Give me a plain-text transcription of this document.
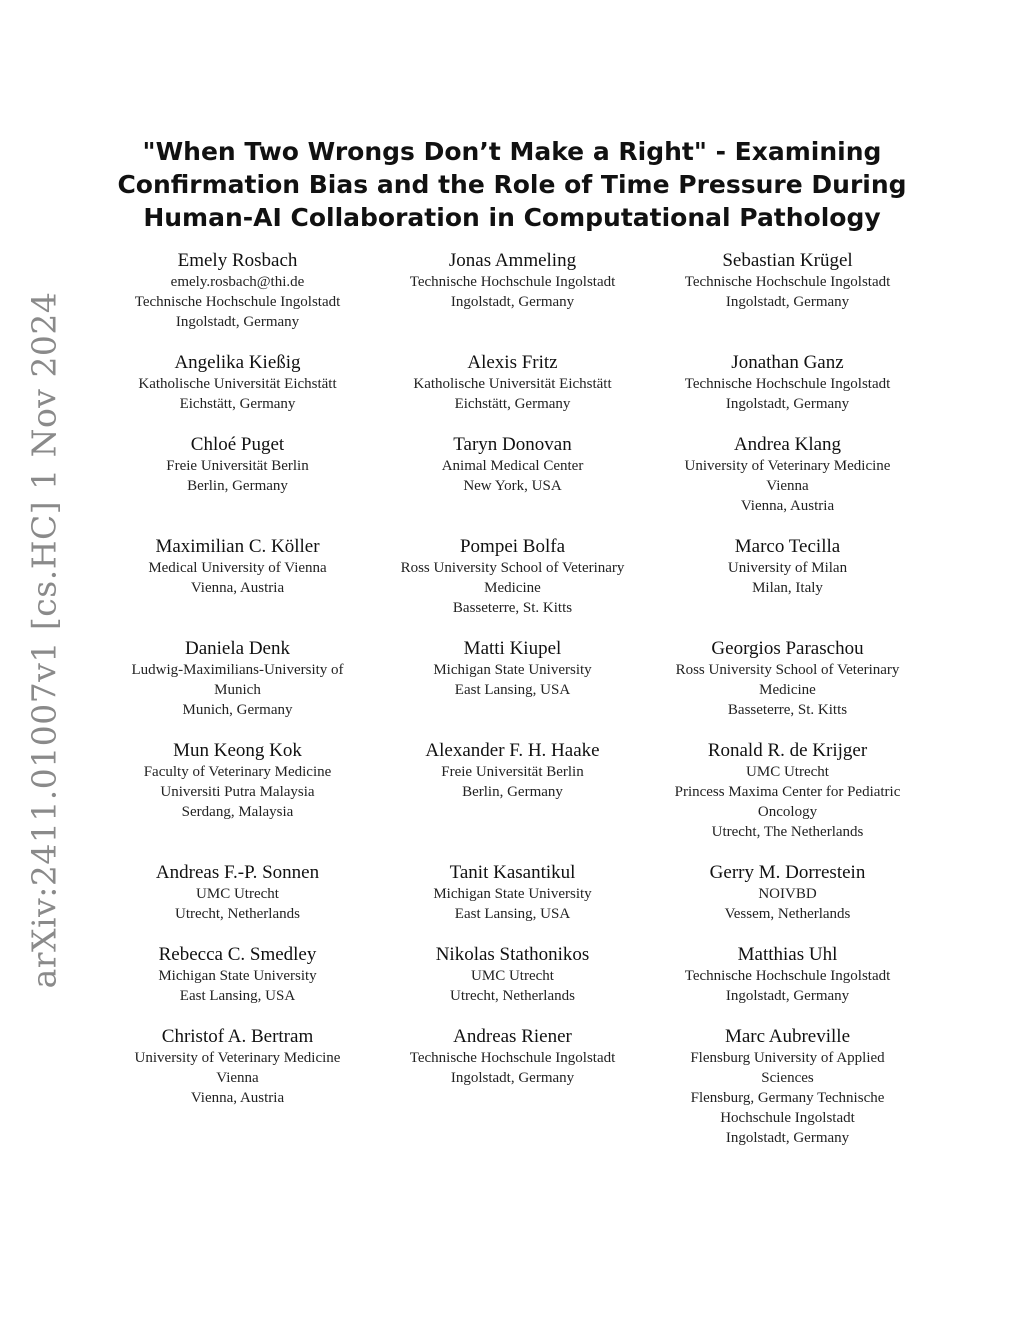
arXiv:2411.01007v1 [cs.HC] 1 Nov 2024
"When Two Wrongs Don’t Make a Right" - Examining
Confirmation Bias and the Role of Time Pressure During
Human-AI Collaboration in Computational Pathology
Emely Rosbach
emely.rosbach@thi.de
Technische Hochschule Ingolstadt
Ingolstadt, Germany
Jonas Ammeling
Technische Hochschule Ingolstadt
Ingolstadt, Germany
Sebastian Krügel
Technische Hochschule Ingolstadt
Ingolstadt, Germany
Angelika Kießig
Katholische Universität Eichstätt
Eichstätt, Germany
Alexis Fritz
Katholische Universität Eichstätt
Eichstätt, Germany
Jonathan Ganz
Technische Hochschule Ingolstadt
Ingolstadt, Germany
Chloé Puget
Freie Universität Berlin
Berlin, Germany
Taryn Donovan
Animal Medical Center
New York, USA
Andrea Klang
University of Veterinary Medicine
Vienna
Vienna, Austria
Maximilian C. Köller
Medical University of Vienna
Vienna, Austria
Pompei Bolfa
Ross University School of Veterinary
Medicine
Basseterre, St. Kitts
Marco Tecilla
University of Milan
Milan, Italy
Daniela Denk
Ludwig-Maximilians-University of
Munich
Munich, Germany
Matti Kiupel
Michigan State University
East Lansing, USA
Georgios Paraschou
Ross University School of Veterinary
Medicine
Basseterre, St. Kitts
Mun Keong Kok
Faculty of Veterinary Medicine
Universiti Putra Malaysia
Serdang, Malaysia
Alexander F. H. Haake
Freie Universität Berlin
Berlin, Germany
Ronald R. de Krijger
UMC Utrecht
Princess Maxima Center for Pediatric
Oncology
Utrecht, The Netherlands
Andreas F.-P. Sonnen
UMC Utrecht
Utrecht, Netherlands
Tanit Kasantikul
Michigan State University
East Lansing, USA
Gerry M. Dorrestein
NOIVBD
Vessem, Netherlands
Rebecca C. Smedley
Michigan State University
East Lansing, USA
Nikolas Stathonikos
UMC Utrecht
Utrecht, Netherlands
Matthias Uhl
Technische Hochschule Ingolstadt
Ingolstadt, Germany
Christof A. Bertram
University of Veterinary Medicine
Vienna
Vienna, Austria
Andreas Riener
Technische Hochschule Ingolstadt
Ingolstadt, Germany
Marc Aubreville
Flensburg University of Applied
Sciences
Flensburg, Germany Technische
Hochschule Ingolstadt
Ingolstadt, Germany
